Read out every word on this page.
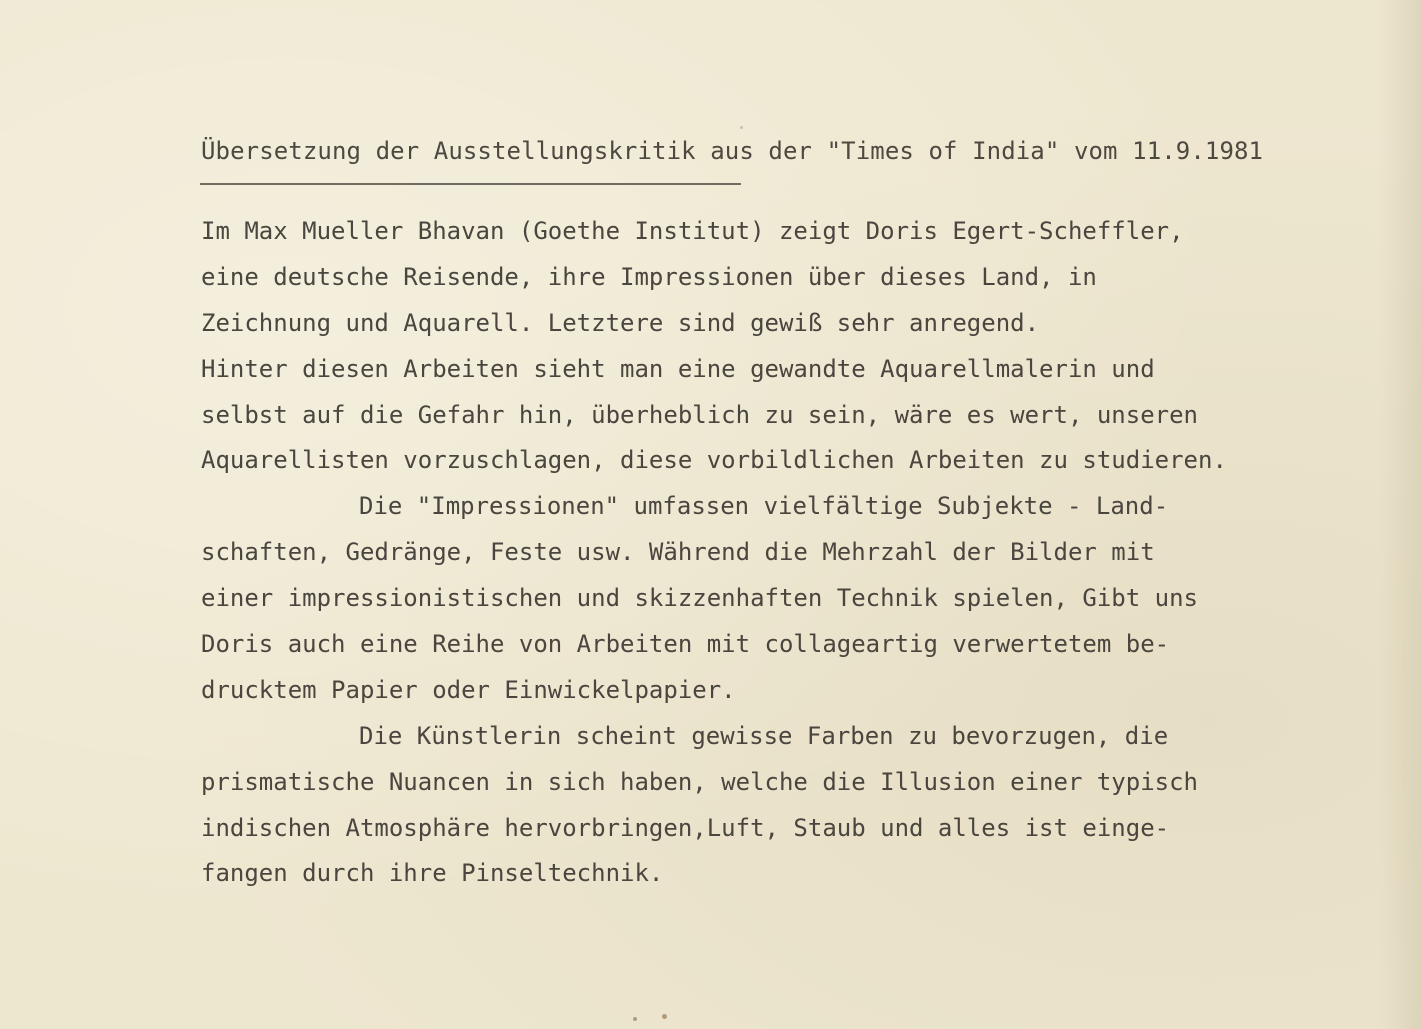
Übersetzung der Ausstellungskritik aus der "Times of India" vom 11.9.1981
Im Max Mueller Bhavan (Goethe Institut) zeigt Doris Egert-Scheffler,
eine deutsche Reisende, ihre Impressionen über dieses Land, in
Zeichnung und Aquarell. Letztere sind gewiß sehr anregend.
Hinter diesen Arbeiten sieht man eine gewandte Aquarellmalerin und
selbst auf die Gefahr hin, überheblich zu sein, wäre es wert, unseren
Aquarellisten vorzuschlagen, diese vorbildlichen Arbeiten zu studieren.
Die "Impressionen" umfassen vielfältige Subjekte - Land-
schaften, Gedränge, Feste usw. Während die Mehrzahl der Bilder mit
einer impressionistischen und skizzenhaften Technik spielen, Gibt uns
Doris auch eine Reihe von Arbeiten mit collageartig verwertetem be-
drucktem Papier oder Einwickelpapier.
Die Künstlerin scheint gewisse Farben zu bevorzugen, die
prismatische Nuancen in sich haben, welche die Illusion einer typisch
indischen Atmosphäre hervorbringen,Luft, Staub und alles ist einge-
fangen durch ihre Pinseltechnik.
